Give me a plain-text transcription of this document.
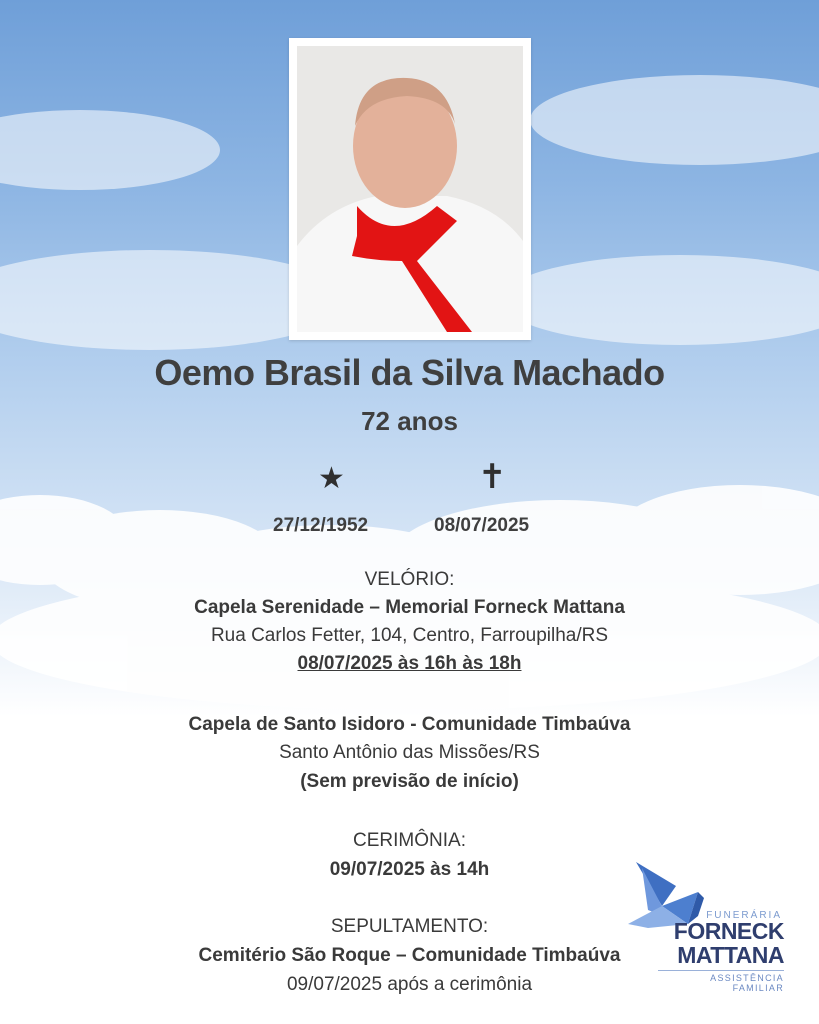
Oemo Brasil da Silva Machado
72 anos
★	✝
27/12/1952	08/07/2025
VELÓRIO:
Capela Serenidade – Memorial Forneck Mattana
Rua Carlos Fetter, 104, Centro, Farroupilha/RS
08/07/2025 às 16h às 18h
Capela de Santo Isidoro - Comunidade Timbaúva
Santo Antônio das Missões/RS
(Sem previsão de início)
CERIMÔNIA:
09/07/2025 às 14h
SEPULTAMENTO:
Cemitério São Roque – Comunidade Timbaúva
09/07/2025 após a cerimônia
FUNERÁRIA
FORNECK
MATTANA
ASSISTÊNCIA FAMILIAR
